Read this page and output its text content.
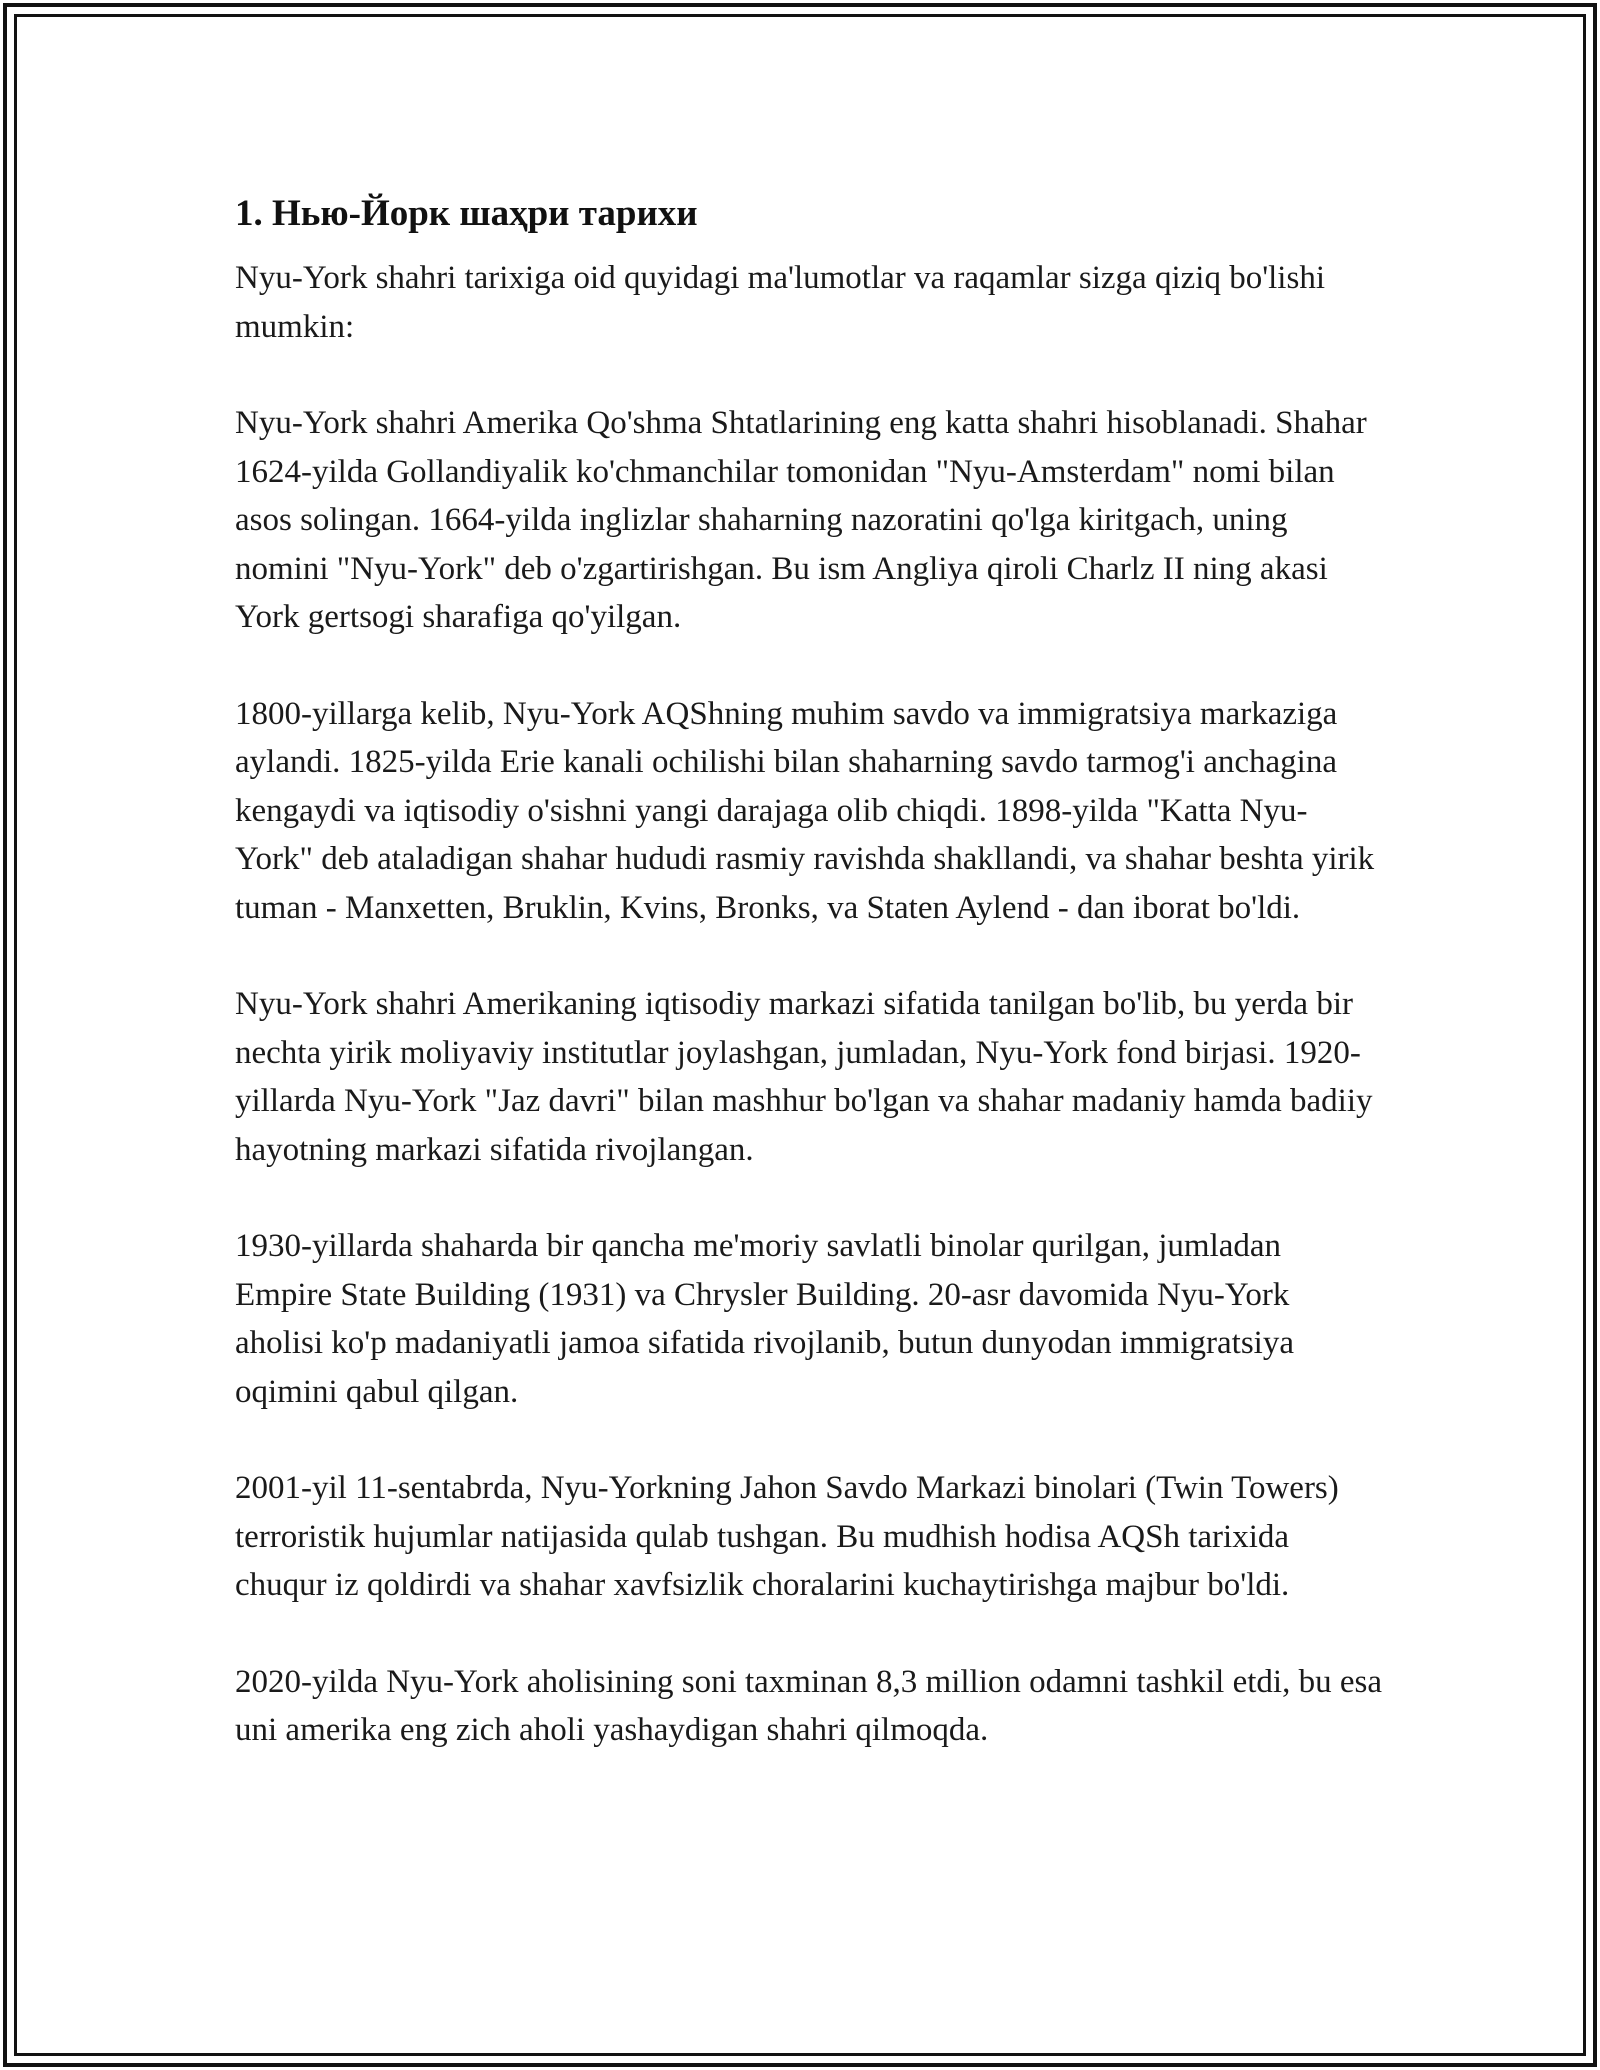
1. Нью-Йорк шаҳри тарихи

Nyu-York shahri tarixiga oid quyidagi ma'lumotlar va raqamlar sizga qiziq bo'lishi mumkin:

Nyu-York shahri Amerika Qo'shma Shtatlarining eng katta shahri hisoblanadi. Shahar 1624-yilda Gollandiyalik ko'chmanchilar tomonidan "Nyu-Amsterdam" nomi bilan asos solingan. 1664-yilda inglizlar shaharning nazoratini qo'lga kiritgach, uning nomini "Nyu-York" deb o'zgartirishgan. Bu ism Angliya qiroli Charlz II ning akasi York gertsogi sharafiga qo'yilgan.

1800-yillarga kelib, Nyu-York AQShning muhim savdo va immigratsiya markaziga aylandi. 1825-yilda Erie kanali ochilishi bilan shaharning savdo tarmog'i anchagina kengaydi va iqtisodiy o'sishni yangi darajaga olib chiqdi. 1898-yilda "Katta Nyu-York" deb ataladigan shahar hududi rasmiy ravishda shakllandi, va shahar beshta yirik tuman - Manxetten, Bruklin, Kvins, Bronks, va Staten Aylend - dan iborat bo'ldi.

Nyu-York shahri Amerikaning iqtisodiy markazi sifatida tanilgan bo'lib, bu yerda bir nechta yirik moliyaviy institutlar joylashgan, jumladan, Nyu-York fond birjasi. 1920-yillarda Nyu-York "Jaz davri" bilan mashhur bo'lgan va shahar madaniy hamda badiiy hayotning markazi sifatida rivojlangan.

1930-yillarda shaharda bir qancha me'moriy savlatli binolar qurilgan, jumladan Empire State Building (1931) va Chrysler Building. 20-asr davomida Nyu-York aholisi ko'p madaniyatli jamoa sifatida rivojlanib, butun dunyodan immigratsiya oqimini qabul qilgan.

2001-yil 11-sentabrda, Nyu-Yorkning Jahon Savdo Markazi binolari (Twin Towers) terroristik hujumlar natijasida qulab tushgan. Bu mudhish hodisa AQSh tarixida chuqur iz qoldirdi va shahar xavfsizlik choralarini kuchaytirishga majbur bo'ldi.

2020-yilda Nyu-York aholisining soni taxminan 8,3 million odamni tashkil etdi, bu esa uni amerika eng zich aholi yashaydigan shahri qilmoqda.
